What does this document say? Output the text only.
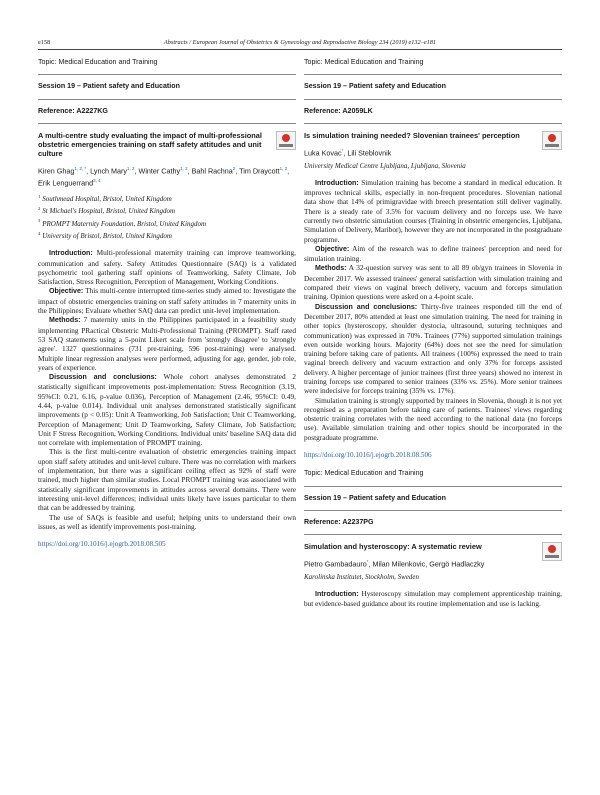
e158	Abstracts / European Journal of Obstetrics & Gynecology and Reproductive Biology 234 (2019) e132–e181
Topic: Medical Education and Training
Session 19 – Patient safety and Education
Reference: A2227KG
A multi-centre study evaluating the impact of multi-professional obstetric emergencies training on staff safety attitudes and unit culture
Kiren Ghag$^{1, 2, *}$, Lynch Mary$^{1, 2}$, Winter Cathy$^{1, 2}$, Bahl Rachna$^2$, Tim Draycott$^{1, 2}$, Erik Lenguerrand$^{3, 4}$
$^1$ Southmead Hospital, Bristol, United Kingdom
$^2$ St Michael's Hospital, Bristol, United Kingdom
$^3$ PROMPT Maternity Foundation, Bristol, United Kingdom
$^4$ University of Bristol, Bristol, United Kingdom

Introduction: Multi-professional maternity training can improve teamworking, communication and safety. Safety Attitudes Questionnaire (SAQ) is a validated psychometric tool gathering staff opinions of Teamworking, Safety Climate, Job Satisfaction, Stress Recognition, Perception of Management, Working Conditions.

Objective: This multi-centre interrupted time-series study aimed to: Investigate the impact of obstetric emergencies training on staff safety attitudes in 7 maternity units in the Philippines; Evaluate whether SAQ data can predict unit-level implementation.

Methods: 7 maternity units in the Philippines participated in a feasibility study implementing PRactical Obstetric Multi-Professional Training (PROMPT). Staff rated 53 SAQ statements using a 5-point Likert scale from 'strongly disagree' to 'strongly agree'. 1327 questionnaires (731 pre-training, 596 post-training) were analysed. Multiple linear regression analyses were performed, adjusting for age, gender, job role, years of experience.

Discussion and conclusions: Whole cohort analyses demonstrated 2 statistically significant improvements post-implementation: Stress Recognition (3.19, 95%CI: 0.21, 6.16, p-value 0.036), Perception of Management (2.46, 95%CI: 0.49, 4.44, p-value 0.014). Individual unit analyses demonstrated statistically significant improvements (p < 0.05): Unit A Teamworking, Job Satisfaction; Unit C Teamworking, Perception of Management; Unit D Teamworking, Safety Climate, Job Satisfaction; Unit F Stress Recognition, Working Conditions. Individual units' baseline SAQ data did not correlate with implementation of PROMPT training.

This is the first multi-centre evaluation of obstetric emergencies training impact upon staff safety attitudes and unit-level culture. There was no correlation with markers of implementation, but there was a significant ceiling effect as 92% of staff were trained, much higher than similar studies. Local PROMPT training was associated with statistically significant improvements in attitudes across several domains. There were interesting unit-level differences; individual units likely have issues particular to them that can be addressed by training.

The use of SAQs is feasible and useful; helping units to understand their own issues, as well as identify improvements post-training.

https://doi.org/10.1016/j.ejogrb.2018.08.505

Topic: Medical Education and Training
Session 19 – Patient safety and Education
Reference: A2059LK
Is simulation training needed? Slovenian trainees' perception
Luka Kovac*, Lili Steblovnik
University Medical Centre Ljubljana, Ljubljana, Slovenia

Introduction: Simulation training has become a standard in medical education. It improves technical skills, especially in non-frequent procedures. Slovenian national data show that 14% of primigravidae with breech presentation still deliver vaginally. There is a steady rate of 3.5% for vacuum delivery and no forceps use. We have currently two obstetric simulation courses (Training in obstetric emergencies, Ljubljana, Simulation of Delivery, Maribor), however they are not incorporated in the postgraduate programme.

Objective: Aim of the research was to define trainees' perception and need for simulation training.

Methods: A 32-question survey was sent to all 89 ob/gyn trainees in Slovenia in December 2017. We assessed trainees' general satisfaction with simulation training and compared their views on vaginal breech delivery, vacuum and forceps simulation training. Opinion questions were asked on a 4-point scale.

Discussion and conclusions: Thirty-five trainees responded till the end of December 2017, 80% attended at least one simulation training. The need for training in other topics (hysteroscopy, shoulder dystocia, ultrasound, suturing techniques and communication) was expressed in 70%. Trainees (77%) supported simulation trainings even outside working hours. Majority (64%) does not see the need for simulation training before taking care of patients. All trainees (100%) expressed the need to train vaginal breech delivery and vacuum extraction and only 37% for forceps assisted delivery. A higher percentage of junior trainees (first three years) showed no interest in training forceps use compared to senior trainees (33% vs. 25%). More senior trainees were indecisive for forceps training (35% vs. 17%).

Simulation training is strongly supported by trainees in Slovenia, though it is not yet recognised as a preparation before taking care of patients. Trainees' views regarding obstetric training correlates with the need according to the national data (no forceps use). Available simulation training and other topics should be incorporated in the postgraduate programme.

https://doi.org/10.1016/j.ejogrb.2018.08.506

Topic: Medical Education and Training
Session 19 – Patient safety and Education
Reference: A2237PG
Simulation and hysteroscopy: A systematic review
Pietro Gambadauro*, Milan Milenkovic, Gergö Hadlaczky
Karolinska Institutet, Stockholm, Sweden

Introduction: Hysteroscopy simulation may complement apprenticeship training, but evidence-based guidance about its routine implementation and use is lacking.
